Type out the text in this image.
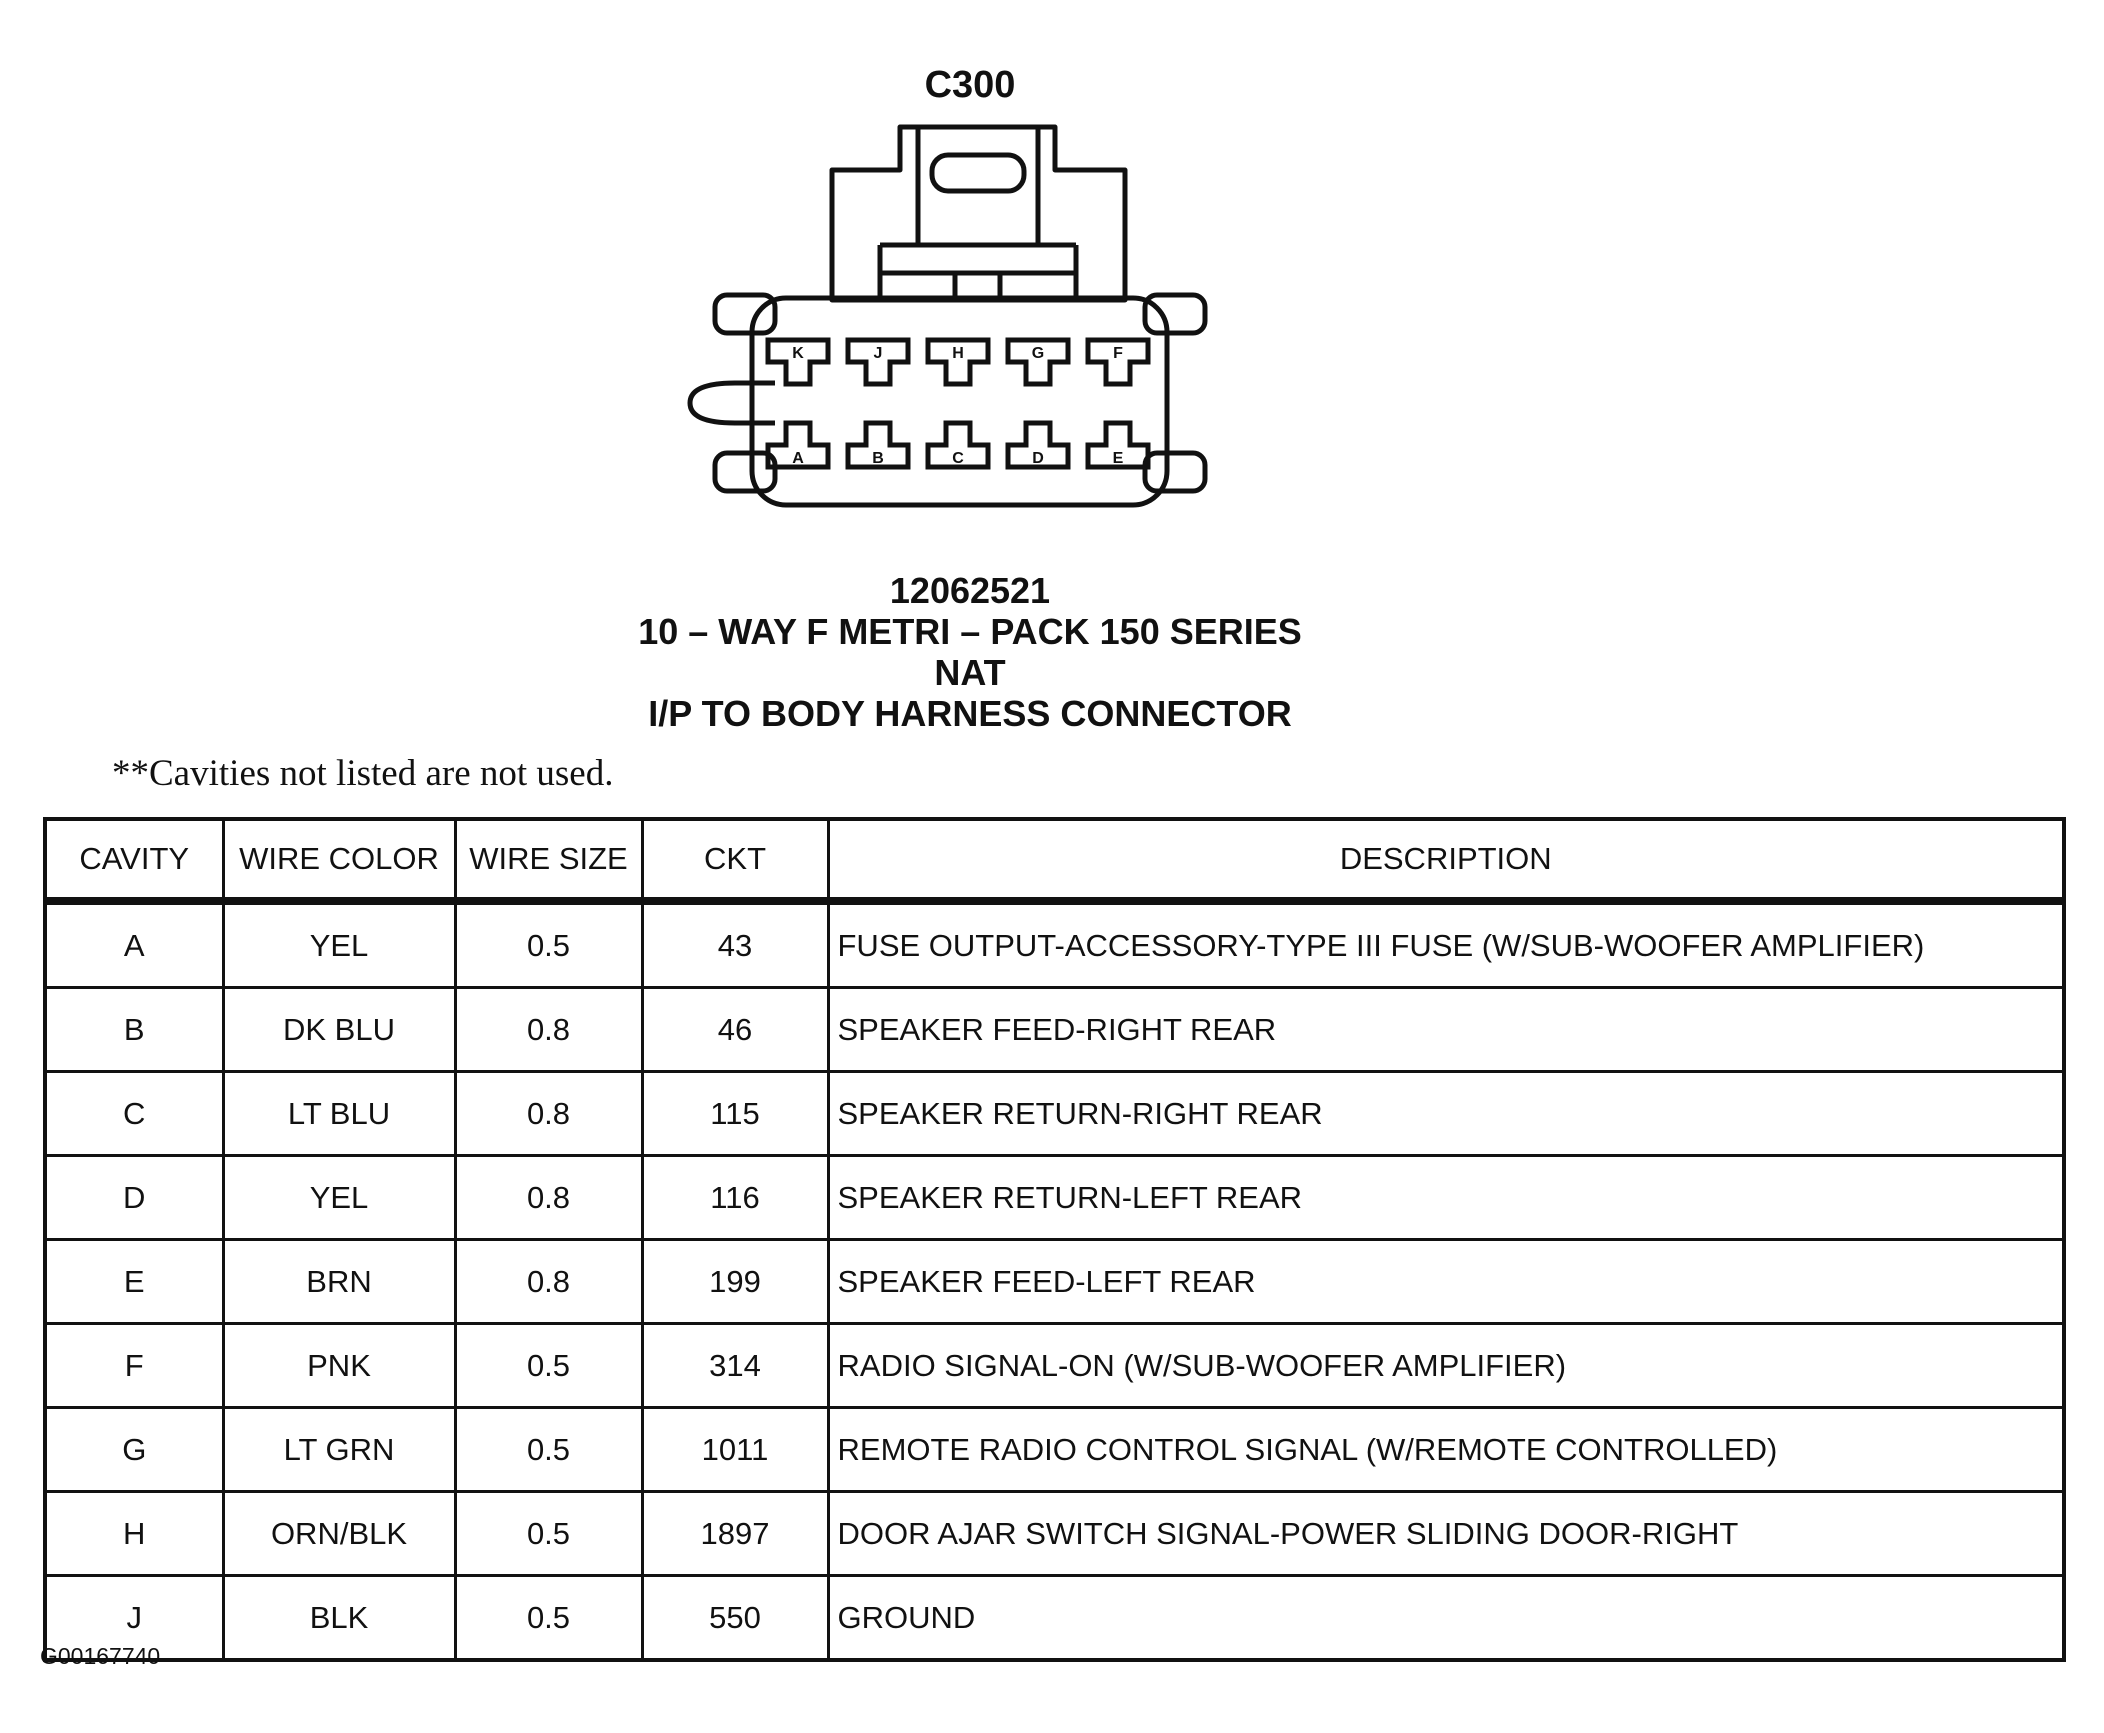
C300
K	J	H	G	F
A	B	C	D	E
12062521
10 – WAY F METRI – PACK 150 SERIES
NAT
I/P TO BODY HARNESS CONNECTOR
**Cavities not listed are not used.
CAVITY	WIRE COLOR	WIRE SIZE	CKT	DESCRIPTION
A	YEL	0.5	43	FUSE OUTPUT-ACCESSORY-TYPE III FUSE (W/SUB-WOOFER AMPLIFIER)
B	DK BLU	0.8	46	SPEAKER FEED-RIGHT REAR
C	LT BLU	0.8	115	SPEAKER RETURN-RIGHT REAR
D	YEL	0.8	116	SPEAKER RETURN-LEFT REAR
E	BRN	0.8	199	SPEAKER FEED-LEFT REAR
F	PNK	0.5	314	RADIO SIGNAL-ON (W/SUB-WOOFER AMPLIFIER)
G	LT GRN	0.5	1011	REMOTE RADIO CONTROL SIGNAL (W/REMOTE CONTROLLED)
H	ORN/BLK	0.5	1897	DOOR AJAR SWITCH SIGNAL-POWER SLIDING DOOR-RIGHT
J	BLK	0.5	550	GROUND
G00167740
